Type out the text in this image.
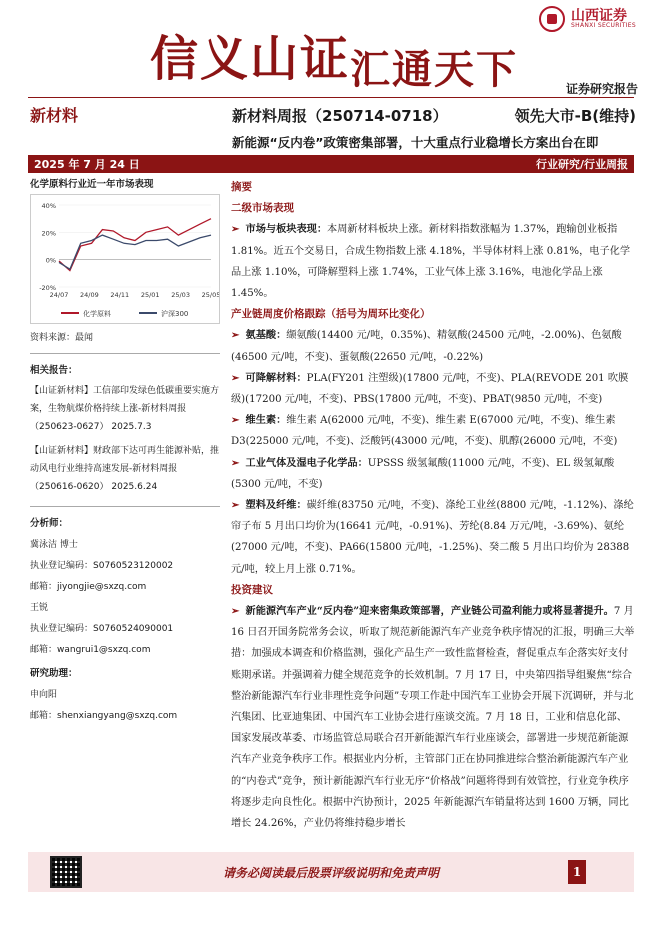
信义山证汇通天下
山西证券
SHANXI SECURITIES
证券研究报告
新材料	新材料周报（250714-0718）	领先大市-B(维持)
新能源“反内卷”政策密集部署，十大重点行业稳增长方案出台在即
2025 年 7 月 24 日	行业研究/行业周报
化学原料行业近一年市场表现
40%
20%
0%
-20%
24/07 24/09 24/11 25/01 25/03 25/05
化学原料	沪深300
资料来源：最闻
相关报告：

【山证新材料】工信部印发绿色低碳重要实施方案，生物航煤价格持续上涨-新材料周报（250623-0627） 2025.7.3

【山证新材料】财政部下达可再生能源补贴，推动风电行业维持高速发展-新材料周报（250616-0620） 2025.6.24

分析师：

冀泳洁 博士

执业登记编码：S0760523120002

邮箱：jiyongjie@sxzq.com

王锐

执业登记编码：S0760524090001

邮箱：wangrui1@sxzq.com

研究助理：

申向阳

邮箱：shenxiangyang@sxzq.com

摘要
二级市场表现

➢ 市场与板块表现：本周新材料板块上涨。新材料指数涨幅为 1.37%，跑输创业板指 1.81%。近五个交易日，合成生物指数上涨 4.18%，半导体材料上涨 0.81%，电子化学品上涨 1.10%，可降解塑料上涨 1.74%，工业气体上涨 3.16%，电池化学品上涨 1.45%。

产业链周度价格跟踪（括号为周环比变化）

➢ 氨基酸：缬氨酸(14400 元/吨，0.35%)、精氨酸(24500 元/吨，-2.00%)、色氨酸(46500 元/吨，不变)、蛋氨酸(22650 元/吨，-0.22%)

➢ 可降解材料：PLA(FY201 注塑级)(17800 元/吨，不变)、PLA(REVODE 201 吹膜级)(17200 元/吨，不变)、PBS(17800 元/吨，不变)、PBAT(9850 元/吨，不变)

➢ 维生素：维生素 A(62000 元/吨，不变)、维生素 E(67000 元/吨，不变)、维生素 D3(225000 元/吨，不变)、泛酸钙(43000 元/吨，不变)、肌醇(26000 元/吨，不变)

➢ 工业气体及湿电子化学品：UPSSS 级氢氟酸(11000 元/吨，不变)、EL 级氢氟酸(5300 元/吨，不变)

➢ 塑料及纤维：碳纤维(83750 元/吨，不变)、涤纶工业丝(8800 元/吨，-1.12%)、涤纶帘子布 5 月出口均价为(16641 元/吨，-0.91%)、芳纶(8.84 万元/吨，-3.69%)、氨纶(27000 元/吨，不变)、PA66(15800 元/吨，-1.25%)、癸二酸 5 月出口均价为 28388 元/吨，较上月上涨 0.71%。

投资建议

➢ 新能源汽车产业“反内卷”迎来密集政策部署，产业链公司盈利能力或将显著提升。7 月 16 日召开国务院常务会议，听取了规范新能源汽车产业竞争秩序情况的汇报，明确三大举措：加强成本调查和价格监测，强化产品生产一致性监督检查，督促重点车企落实好支付账期承诺。并强调着力健全规范竞争的长效机制。7 月 17 日，中央第四指导组聚焦“综合整治新能源汽车行业非理性竞争问题”专项工作赴中国汽车工业协会开展下沉调研，并与北汽集团、比亚迪集团、中国汽车工业协会进行座谈交流。7 月 18 日，工业和信息化部、国家发展改革委、市场监管总局联合召开新能源汽车行业座谈会，部署进一步规范新能源汽车产业竞争秩序工作。根据业内分析，主管部门正在协同推进综合整治新能源汽车产业的“内卷式”竞争，预计新能源汽车行业无序“价格战”问题将得到有效管控，行业竞争秩序将逐步走向良性化。根据中汽协预计，2025 年新能源汽车销量将达到 1600 万辆，同比增长 24.26%，产业仍将维持稳步增长

请务必阅读最后股票评级说明和免责声明	1
